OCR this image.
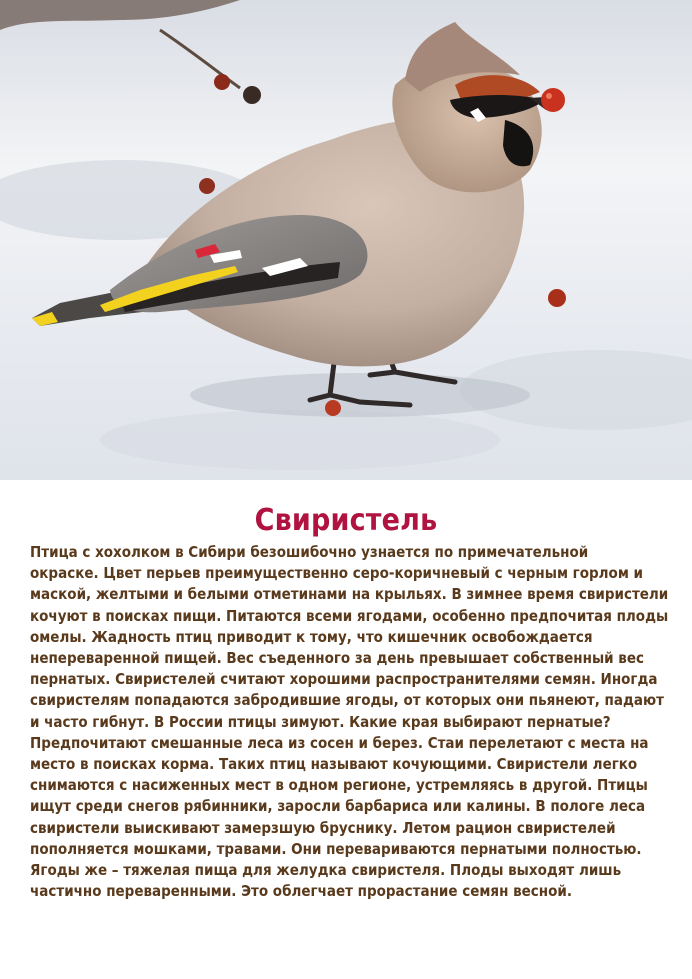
Свиристель

Птица с хохолком в Сибири безошибочно узнается по примечательной
окраске. Цвет перьев преимущественно серо-коричневый с черным горлом и
маской, желтыми и белыми отметинами на крыльях. В зимнее время свиристели
кочуют в поисках пищи. Питаются всеми ягодами, особенно предпочитая плоды
омелы. Жадность птиц приводит к тому, что кишечник освобождается
непереваренной пищей. Вес съеденного за день превышает собственный вес
пернатых. Свиристелей считают хорошими распространителями семян. Иногда
свиристелям попадаются забродившие ягоды, от которых они пьянеют, падают
и часто гибнут. В России птицы зимуют. Какие края выбирают пернатые?
Предпочитают смешанные леса из сосен и берез. Стаи перелетают с места на
место в поисках корма. Таких птиц называют кочующими. Свиристели легко
снимаются с насиженных мест в одном регионе, устремляясь в другой. Птицы
ищут среди снегов рябинники, заросли барбариса или калины. В пологе леса
свиристели выискивают замерзшую бруснику. Летом рацион свиристелей
пополняется мошками, травами. Они перевариваются пернатыми полностью.
Ягоды же – тяжелая пища для желудка свиристеля. Плоды выходят лишь
частично переваренными. Это облегчает прорастание семян весной.
